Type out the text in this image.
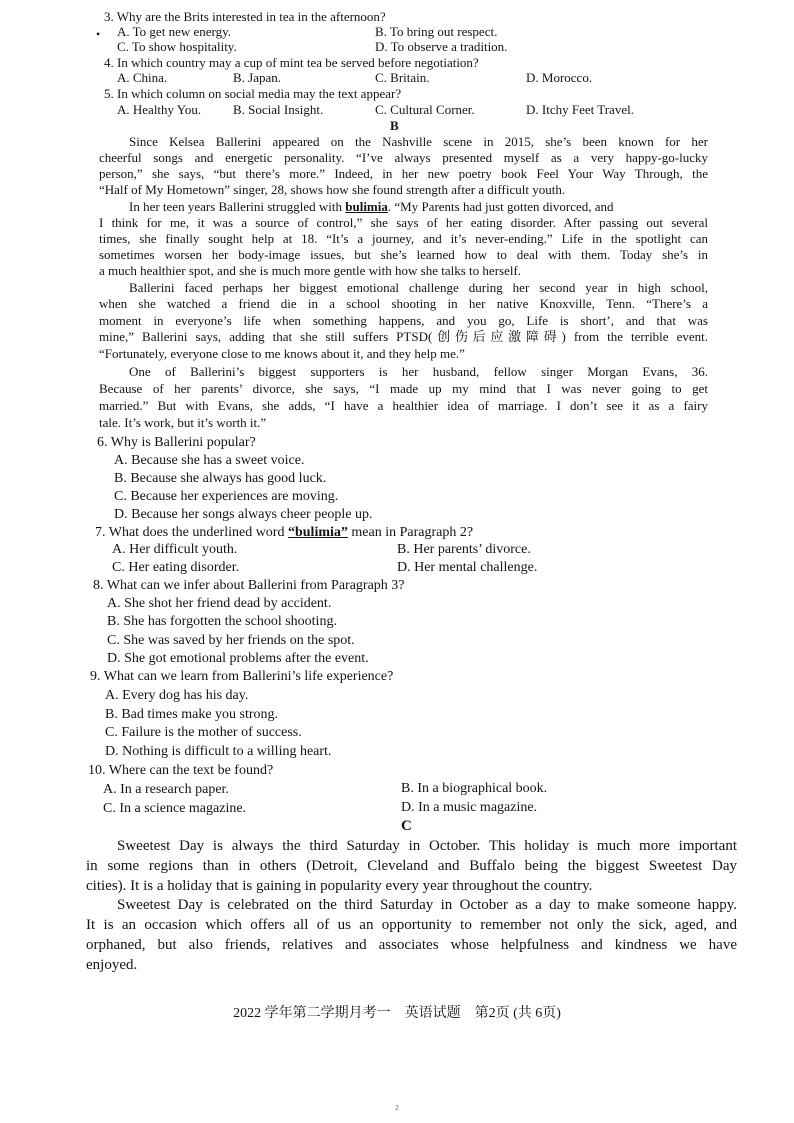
3. Why are the Brits interested in tea in the afternoon?
• A. To get new energy.	B. To bring out respect.
C. To show hospitality.	D. To observe a tradition.
4. In which country may a cup of mint tea be served before negotiation?
A. China.	B. Japan.	C. Britain.	D. Morocco.
5. In which column on social media may the text appear?
A. Healthy You. B. Social Insight.	C. Cultural Corner.	D. Itchy Feet Travel.
B
Since Kelsea Ballerini appeared on the Nashville scene in 2015, she’s been known for her
cheerful songs and energetic personality. “I’ve always presented myself as a very happy-go-lucky
person,” she says, “but there’s more.” Indeed, in her new poetry book Feel Your Way Through, the
“Half of My Hometown” singer, 28, shows how she found strength after a difficult youth.
In her teen years Ballerini struggled with bulimia. “My Parents had just gotten divorced, and
I think for me, it was a source of control,” she says of her eating disorder. After passing out several
times, she finally sought help at 18. “It’s a journey, and it’s never-ending.” Life in the spotlight can
sometimes worsen her body-image issues, but she’s learned how to deal with them. Today she’s in
a much healthier spot, and she is much more gentle with how she talks to herself.
Ballerini faced perhaps her biggest emotional challenge during her second year in high school,
when she watched a friend die in a school shooting in her native Knoxville, Tenn. “There’s a
moment in everyone’s life when something happens, and you go, Life is short’, and that was
mine,” Ballerini says, adding that she still suffers PTSD(创伤后应激障碍) from the terrible event.
“Fortunately, everyone close to me knows about it, and they help me.”
One of Ballerini’s biggest supporters is her husband, fellow singer Morgan Evans, 36.
Because of her parents’ divorce, she says, “I made up my mind that I was never going to get
married.” But with Evans, she adds, “I have a healthier idea of marriage. I don’t see it as a fairy
tale. It’s work, but it’s worth it.”
6. Why is Ballerini popular?
A. Because she has a sweet voice.
B. Because she always has good luck.
C. Because her experiences are moving.
D. Because her songs always cheer people up.
7. What does the underlined word “bulimia” mean in Paragraph 2?
A. Her difficult youth.	B. Her parents’ divorce.
C. Her eating disorder.	D. Her mental challenge.
8. What can we infer about Ballerini from Paragraph 3?
A. She shot her friend dead by accident.
B. She has forgotten the school shooting.
C. She was saved by her friends on the spot.
D. She got emotional problems after the event.
9. What can we learn from Ballerini’s life experience?
A. Every dog has his day.
B. Bad times make you strong.
C. Failure is the mother of success.
D. Nothing is difficult to a willing heart.
10. Where can the text be found?
A. In a research paper.	B. In a biographical book.
C. In a science magazine.	D. In a music magazine.
C
Sweetest Day is always the third Saturday in October. This holiday is much more important
in some regions than in others (Detroit, Cleveland and Buffalo being the biggest Sweetest Day
cities). It is a holiday that is gaining in popularity every year throughout the country.
Sweetest Day is celebrated on the third Saturday in October as a day to make someone happy.
It is an occasion which offers all of us an opportunity to remember not only the sick, aged, and
orphaned, but also friends, relatives and associates whose helpfulness and kindness we have
enjoyed.
2022 学年第二学期月考一　英语试题　第2页 (共 6页)
2
